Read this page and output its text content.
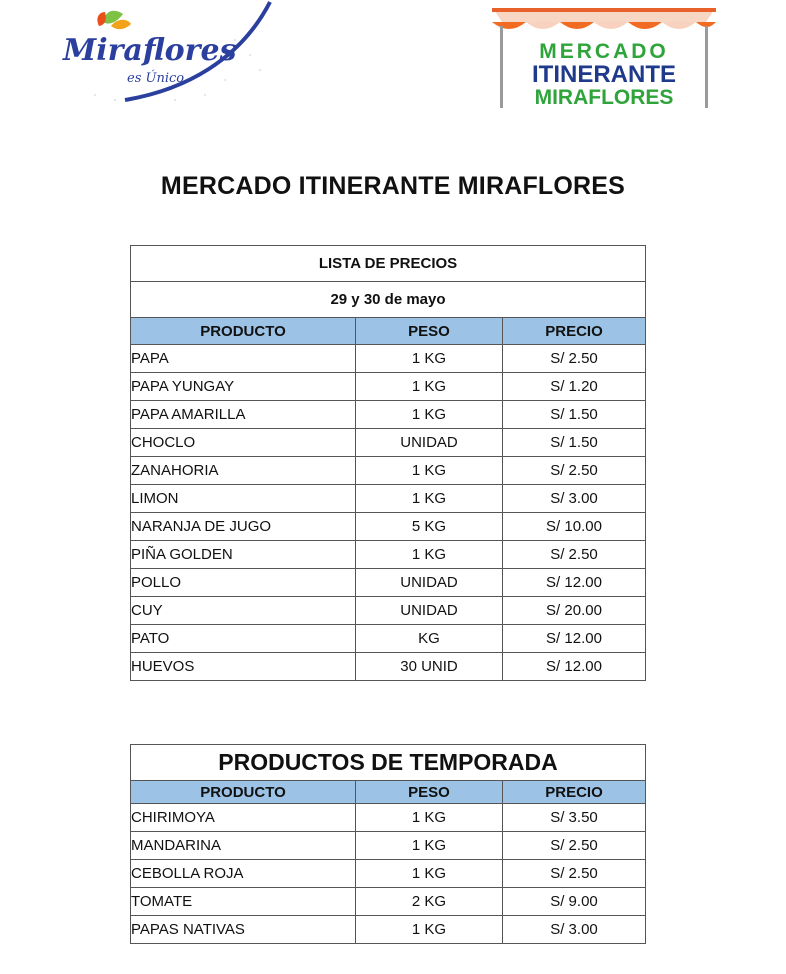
Miraflores
es Único
MERCADO
ITINERANTE
MIRAFLORES
MERCADO ITINERANTE MIRAFLORES
LISTA DE PRECIOS		
29 y 30 de mayo		
PRODUCTO	PESO	PRECIO
PAPA	1 KG	S/ 2.50
PAPA YUNGAY	1 KG	S/ 1.20
PAPA AMARILLA	1 KG	S/ 1.50
CHOCLO	UNIDAD	S/ 1.50
ZANAHORIA	1 KG	S/ 2.50
LIMON	1 KG	S/ 3.00
NARANJA DE JUGO	5 KG	S/ 10.00
PIÑA GOLDEN	1 KG	S/ 2.50
POLLO	UNIDAD	S/ 12.00
CUY	UNIDAD	S/ 20.00
PATO	KG	S/ 12.00
HUEVOS	30 UNID	S/ 12.00
PRODUCTOS DE TEMPORADA		
PRODUCTO	PESO	PRECIO
CHIRIMOYA	1 KG	S/ 3.50
MANDARINA	1 KG	S/ 2.50
CEBOLLA ROJA	1 KG	S/ 2.50
TOMATE	2 KG	S/ 9.00
PAPAS NATIVAS	1 KG	S/ 3.00
